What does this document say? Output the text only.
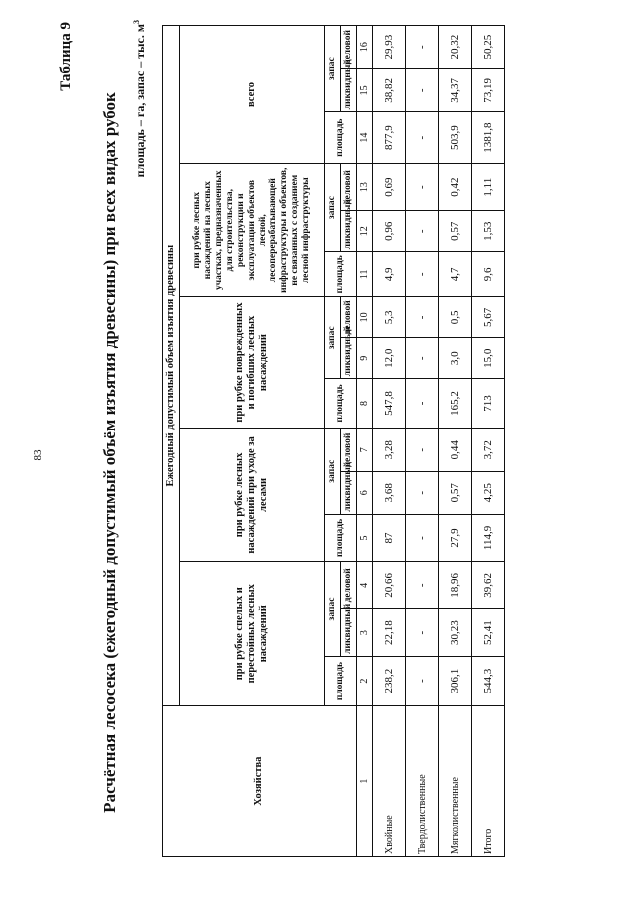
83
Таблица 9
Расчётная лесосека (ежегодный допустимый объём изъятия древесины) при всех видах рубок площадь – га, запас – тыс. $м^3$
Хозяйства	Ежегодный допустимый объем изъятия древесины														
	при рубке спелых и перестойных лесных насаждений			при рубке лесных насаждений при уходе за лесами			при рубке поврежденных и погибших лесных насаждений			при рубке лесных насаждений на лесных участках, предназначенных для строительства, реконструкции и эксплуатации объектов лесной, лесоперерабатывающей инфраструктуры и объектов, не связанных с созданием лесной инфраструктуры			всего		
	площадь	запас		площадь	запас		площадь	запас		площадь	запас		площадь	запас	
		ликвидный	деловой		ликвидный	деловой		ликвидный	деловой		ликвидный	деловой		ликвидный	деловой
1	2	3	4	5	6	7	8	9	10	11	12	13	14	15	16
Хвойные	238,2	22,18	20,66	87	3,68	3,28	547,8	12,0	5,3	4,9	0,96	0,69	877,9	38,82	29,93
Твердолиственные	-	-	-	-	-	-	-	-	-	-	-	-	-	-	-
Мягколиственные	306,1	30,23	18,96	27,9	0,57	0,44	165,2	3,0	0,5	4,7	0,57	0,42	503,9	34,37	20,32
Итого	544,3	52,41	39,62	114,9	4,25	3,72	713	15,0	5,67	9,6	1,53	1,11	1381,8	73,19	50,25
